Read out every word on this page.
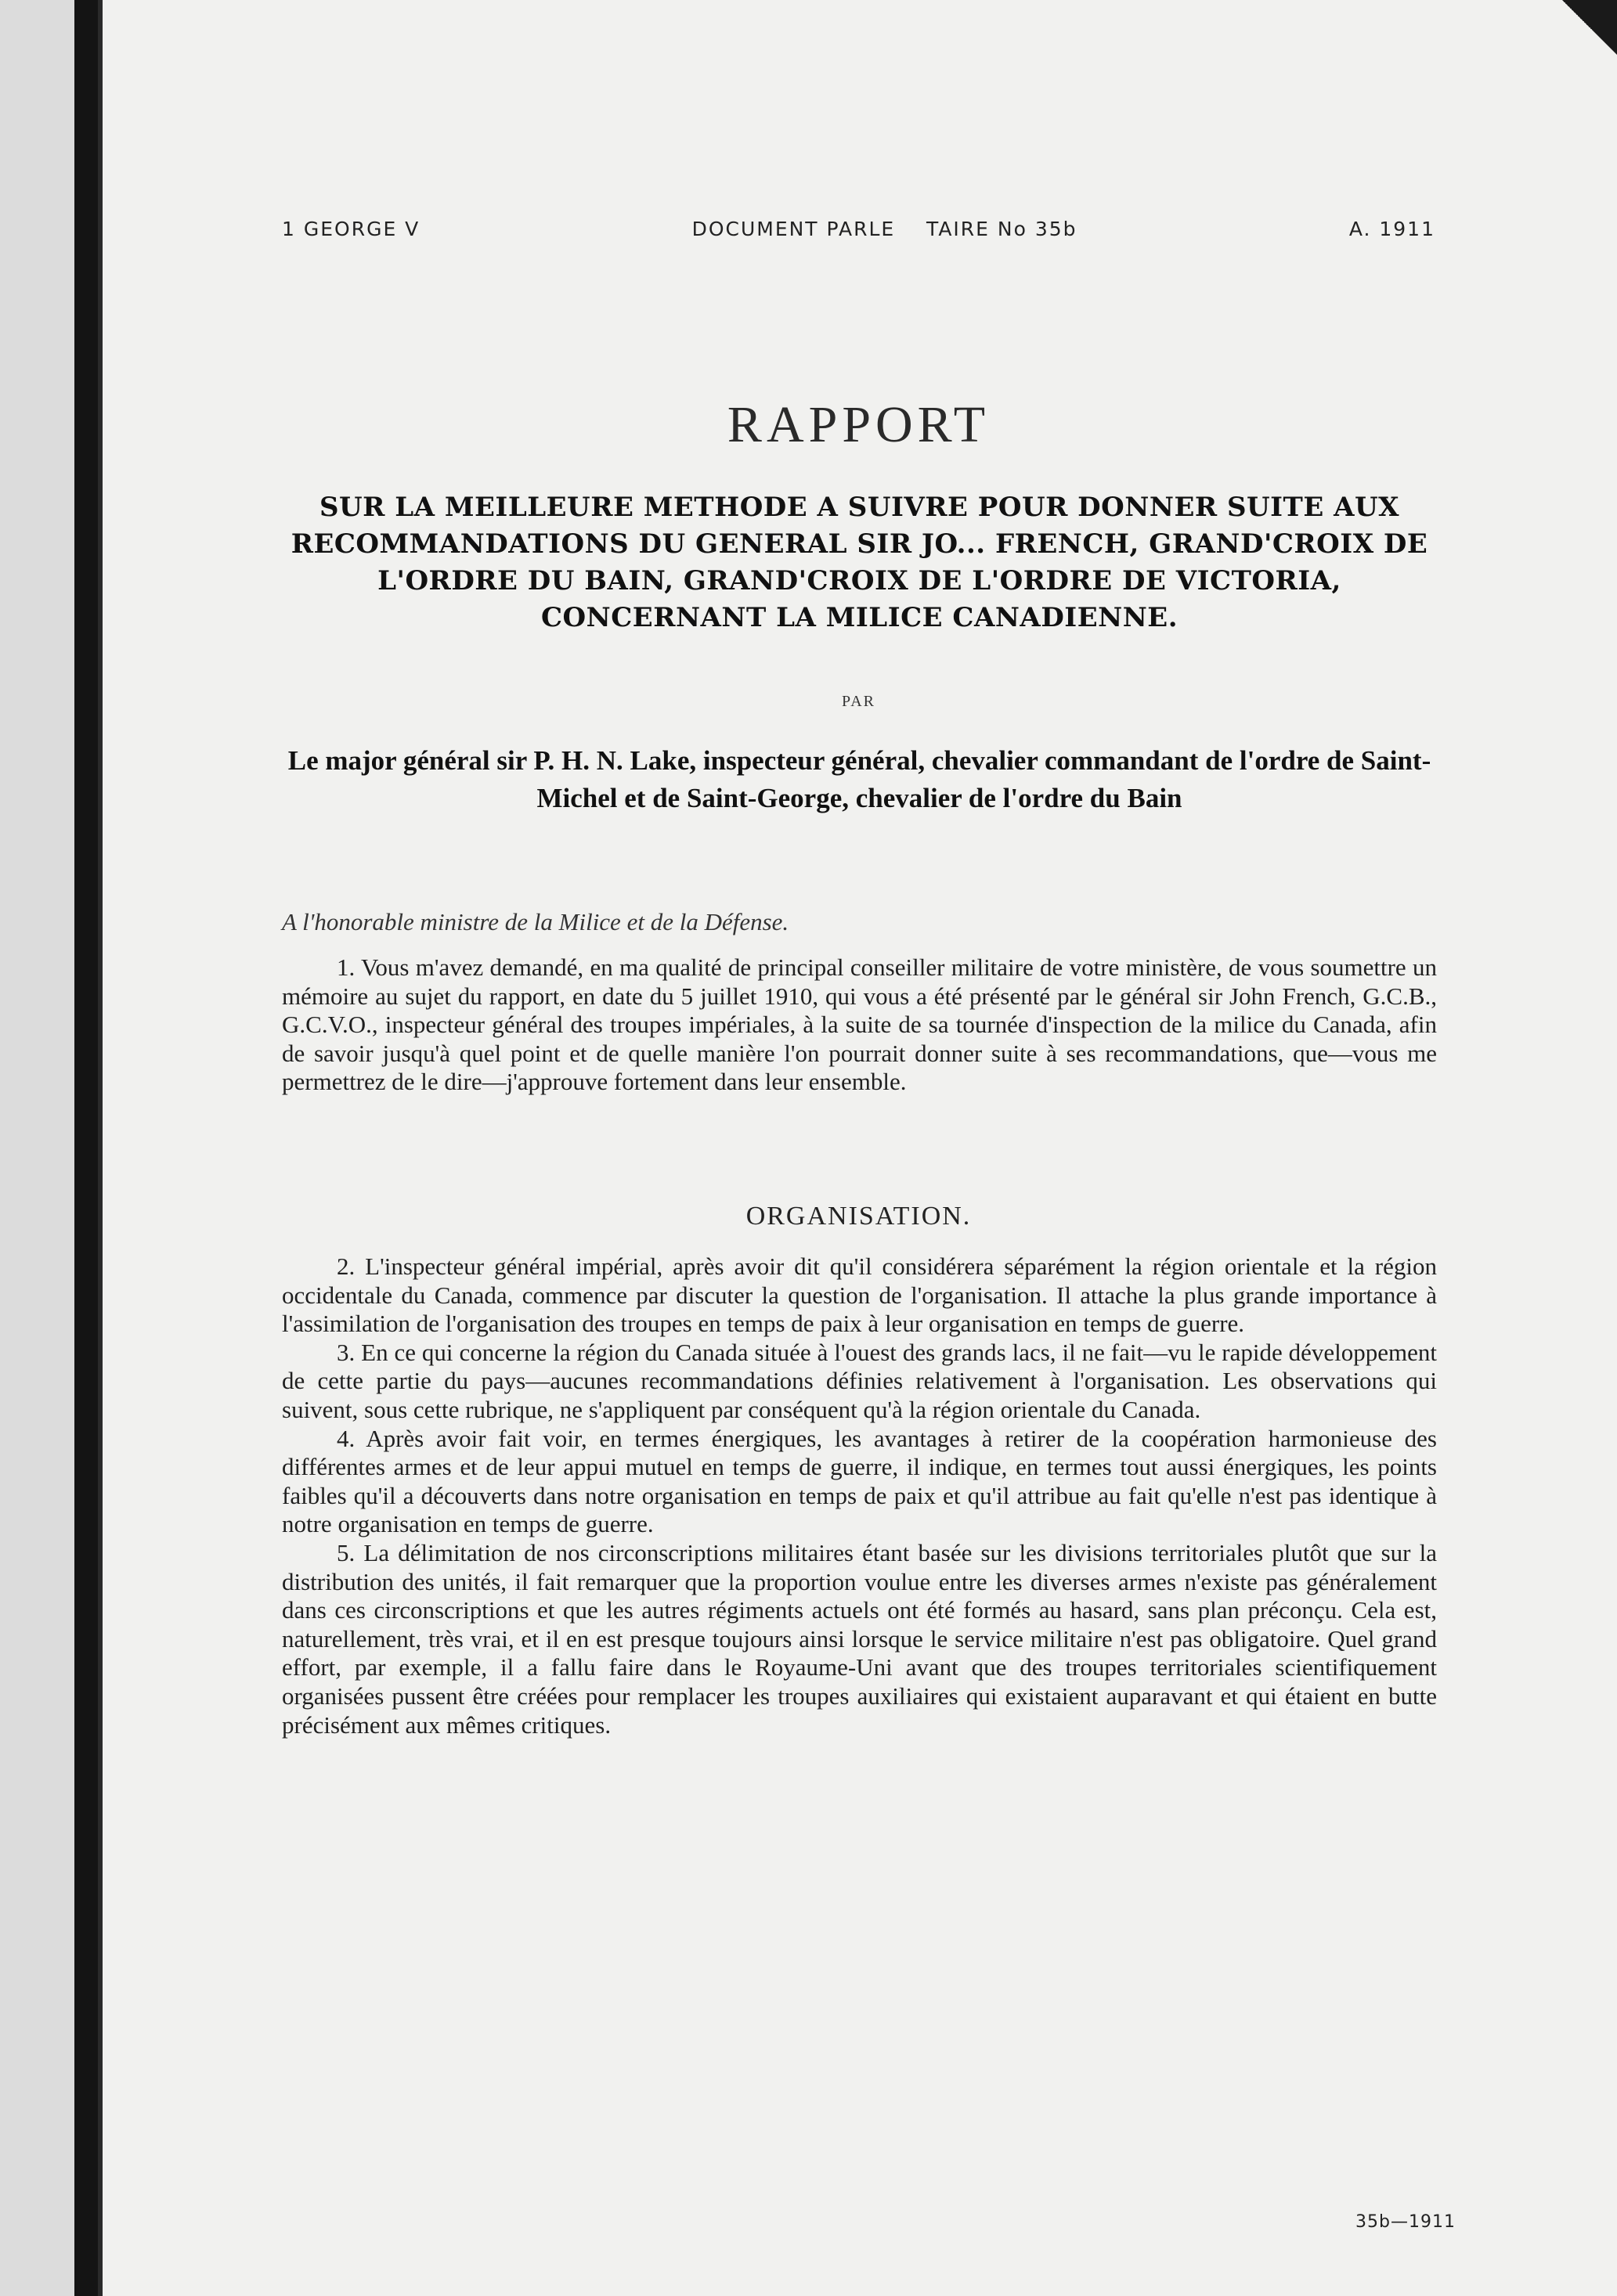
1 GEORGE V	DOCUMENT PARLE    TAIRE No 35b	A. 1911
RAPPORT
SUR LA MEILLEURE METHODE A SUIVRE POUR DONNER SUITE AUX RECOMMANDATIONS DU GENERAL SIR JO... FRENCH, GRAND'CROIX DE L'ORDRE DU BAIN, GRAND'CROIX DE L'ORDRE DE VICTORIA, CONCERNANT LA MILICE CANADIENNE.
PAR
Le major général sir P. H. N. Lake, inspecteur général, chevalier commandant de l'ordre de Saint-Michel et de Saint-George, chevalier de l'ordre du Bain
A l'honorable ministre de la Milice et de la Défense.

1. Vous m'avez demandé, en ma qualité de principal conseiller militaire de votre ministère, de vous soumettre un mémoire au sujet du rapport, en date du 5 juillet 1910, qui vous a été présenté par le général sir John French, G.C.B., G.C.V.O., inspecteur général des troupes impériales, à la suite de sa tournée d'inspection de la milice du Canada, afin de savoir jusqu'à quel point et de quelle manière l'on pourrait donner suite à ses recommandations, que—vous me permettrez de le dire—j'approuve fortement dans leur ensemble.

ORGANISATION.

2. L'inspecteur général impérial, après avoir dit qu'il considérera séparément la région orientale et la région occidentale du Canada, commence par discuter la question de l'organisation. Il attache la plus grande importance à l'assimilation de l'organisation des troupes en temps de paix à leur organisation en temps de guerre.

3. En ce qui concerne la région du Canada située à l'ouest des grands lacs, il ne fait—vu le rapide développement de cette partie du pays—aucunes recommandations définies relativement à l'organisation. Les observations qui suivent, sous cette rubrique, ne s'appliquent par conséquent qu'à la région orientale du Canada.

4. Après avoir fait voir, en termes énergiques, les avantages à retirer de la coopération harmonieuse des différentes armes et de leur appui mutuel en temps de guerre, il indique, en termes tout aussi énergiques, les points faibles qu'il a découverts dans notre organisation en temps de paix et qu'il attribue au fait qu'elle n'est pas identique à notre organisation en temps de guerre.

5. La délimitation de nos circonscriptions militaires étant basée sur les divisions territoriales plutôt que sur la distribution des unités, il fait remarquer que la proportion voulue entre les diverses armes n'existe pas généralement dans ces circonscriptions et que les autres régiments actuels ont été formés au hasard, sans plan préconçu. Cela est, naturellement, très vrai, et il en est presque toujours ainsi lorsque le service militaire n'est pas obligatoire. Quel grand effort, par exemple, il a fallu faire dans le Royaume-Uni avant que des troupes territoriales scientifiquement organisées pussent être créées pour remplacer les troupes auxiliaires qui existaient auparavant et qui étaient en butte précisément aux mêmes critiques.

35b—1911
